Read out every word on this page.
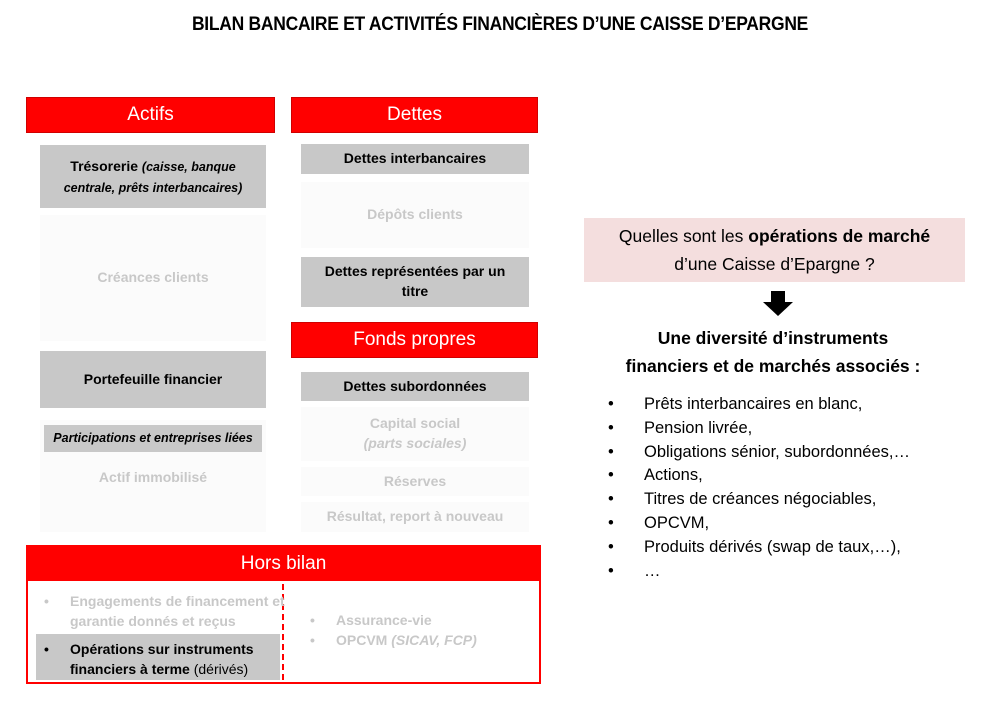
BILAN BANCAIRE ET ACTIVITÉS FINANCIÈRES D’UNE CAISSE D’EPARGNE
Actifs
Trésorerie (caisse, banque centrale, prêts interbancaires)
Créances clients
Portefeuille financier
Actif immobilisé
Participations et entreprises liées
Dettes
Dettes interbancaires
Dépôts clients
Dettes représentées par un titre
Fonds propres
Dettes subordonnées
Capital social
(parts sociales)
Réserves
Résultat, report à nouveau
Hors bilan
• Engagements de financement et garantie donnés et reçus
• Opérations sur instruments financiers à terme (dérivés)
• Assurance-vie
• OPCVM (SICAV, FCP)
Quelles sont les opérations de marché
d’une Caisse d’Epargne ?
Une diversité d’instruments
financiers et de marchés associés :
• Prêts interbancaires en blanc,
• Pension livrée,
• Obligations sénior, subordonnées,…
• Actions,
• Titres de créances négociables,
• OPCVM,
• Produits dérivés (swap de taux,…),
• …
